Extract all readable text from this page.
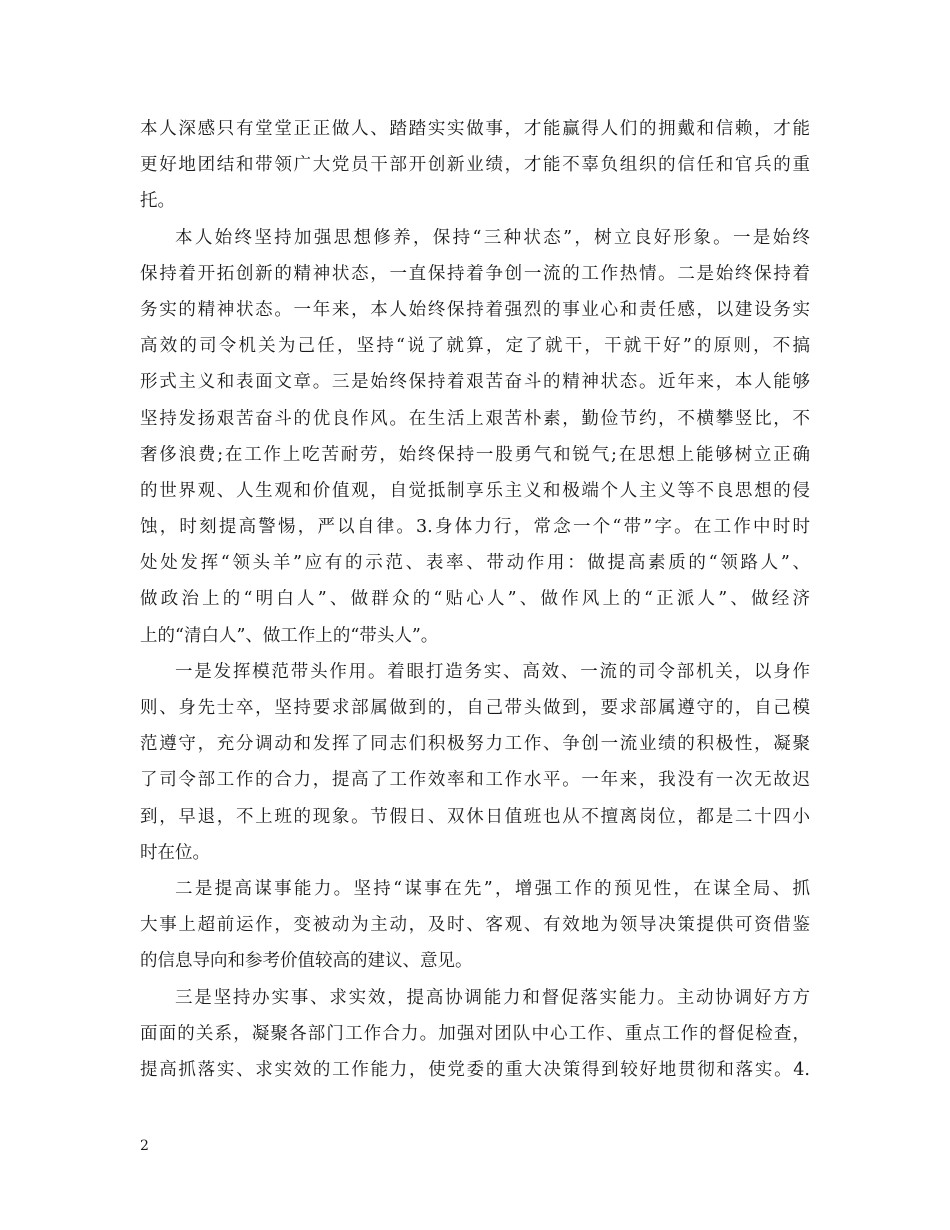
本人深感只有堂堂正正做人、踏踏实实做事，才能赢得人们的拥戴和信赖，才能
更好地团结和带领广大党员干部开创新业绩，才能不辜负组织的信任和官兵的重
托。
本人始终坚持加强思想修养，保持“三种状态”，树立良好形象。一是始终
保持着开拓创新的精神状态，一直保持着争创一流的工作热情。二是始终保持着
务实的精神状态。一年来，本人始终保持着强烈的事业心和责任感，以建设务实
高效的司令机关为己任，坚持“说了就算，定了就干，干就干好”的原则，不搞
形式主义和表面文章。三是始终保持着艰苦奋斗的精神状态。近年来，本人能够
坚持发扬艰苦奋斗的优良作风。在生活上艰苦朴素，勤俭节约，不横攀竖比，不
奢侈浪费;在工作上吃苦耐劳，始终保持一股勇气和锐气;在思想上能够树立正确
的世界观、人生观和价值观，自觉抵制享乐主义和极端个人主义等不良思想的侵
蚀，时刻提高警惕，严以自律。3.身体力行，常念一个“带”字。在工作中时时
处处发挥“领头羊”应有的示范、表率、带动作用：做提高素质的“领路人”、
做政治上的“明白人”、做群众的“贴心人”、做作风上的“正派人”、做经济
上的“清白人”、做工作上的“带头人”。
一是发挥模范带头作用。着眼打造务实、高效、一流的司令部机关，以身作
则、身先士卒，坚持要求部属做到的，自己带头做到，要求部属遵守的，自己模
范遵守，充分调动和发挥了同志们积极努力工作、争创一流业绩的积极性，凝聚
了司令部工作的合力，提高了工作效率和工作水平。一年来，我没有一次无故迟
到，早退，不上班的现象。节假日、双休日值班也从不擅离岗位，都是二十四小
时在位。
二是提高谋事能力。坚持“谋事在先”，增强工作的预见性，在谋全局、抓
大事上超前运作，变被动为主动，及时、客观、有效地为领导决策提供可资借鉴
的信息导向和参考价值较高的建议、意见。
三是坚持办实事、求实效，提高协调能力和督促落实能力。主动协调好方方
面面的关系，凝聚各部门工作合力。加强对团队中心工作、重点工作的督促检查，
提高抓落实、求实效的工作能力，使党委的重大决策得到较好地贯彻和落实。4.
2
